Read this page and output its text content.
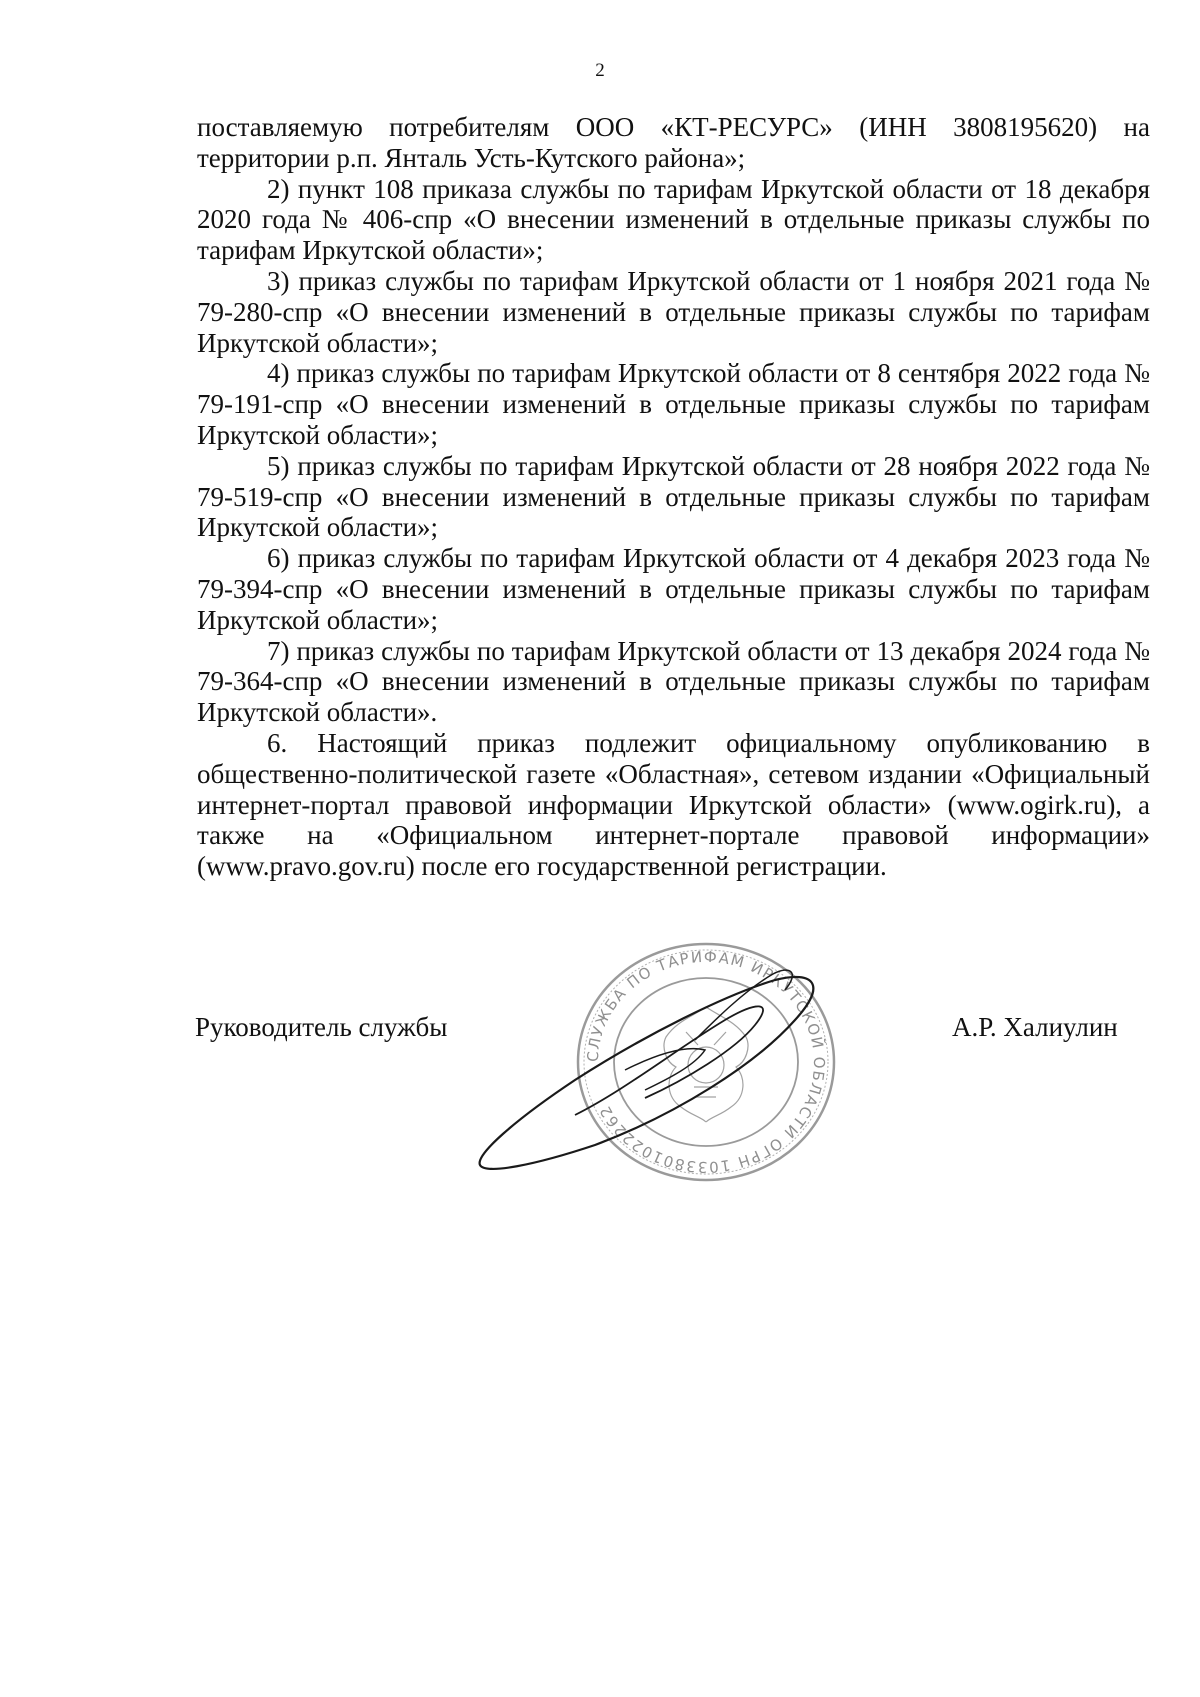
2

поставляемую потребителям ООО «КТ-РЕСУРС» (ИНН 3808195620) на территории р.п. Янталь Усть-Кутского района»;

2) пункт 108 приказа службы по тарифам Иркутской области от 18 декабря 2020 года № 406-спр «О внесении изменений в отдельные приказы службы по тарифам Иркутской области»;

3) приказ службы по тарифам Иркутской области от 1 ноября 2021 года № 79-280-спр «О внесении изменений в отдельные приказы службы по тарифам Иркутской области»;

4) приказ службы по тарифам Иркутской области от 8 сентября 2022 года № 79-191-спр «О внесении изменений в отдельные приказы службы по тарифам Иркутской области»;

5) приказ службы по тарифам Иркутской области от 28 ноября 2022 года № 79-519-спр «О внесении изменений в отдельные приказы службы по тарифам Иркутской области»;

6) приказ службы по тарифам Иркутской области от 4 декабря 2023 года № 79-394-спр «О внесении изменений в отдельные приказы службы по тарифам Иркутской области»;

7) приказ службы по тарифам Иркутской области от 13 декабря 2024 года № 79-364-спр «О внесении изменений в отдельные приказы службы по тарифам Иркутской области».

6. Настоящий приказ подлежит официальному опубликованию в общественно-политической газете «Областная», сетевом издании «Официальный интернет-портал правовой информации Иркутской области» (www.ogirk.ru), а также на «Официальном интернет-портале правовой информации» (www.pravo.gov.ru) после его государственной регистрации.

СЛУЖБА ПО ТАРИФАМ ИРКУТСКОЙ ОБЛАСТИ ОГРН 1033801022262
Руководитель службы	А.Р. Халиулин
